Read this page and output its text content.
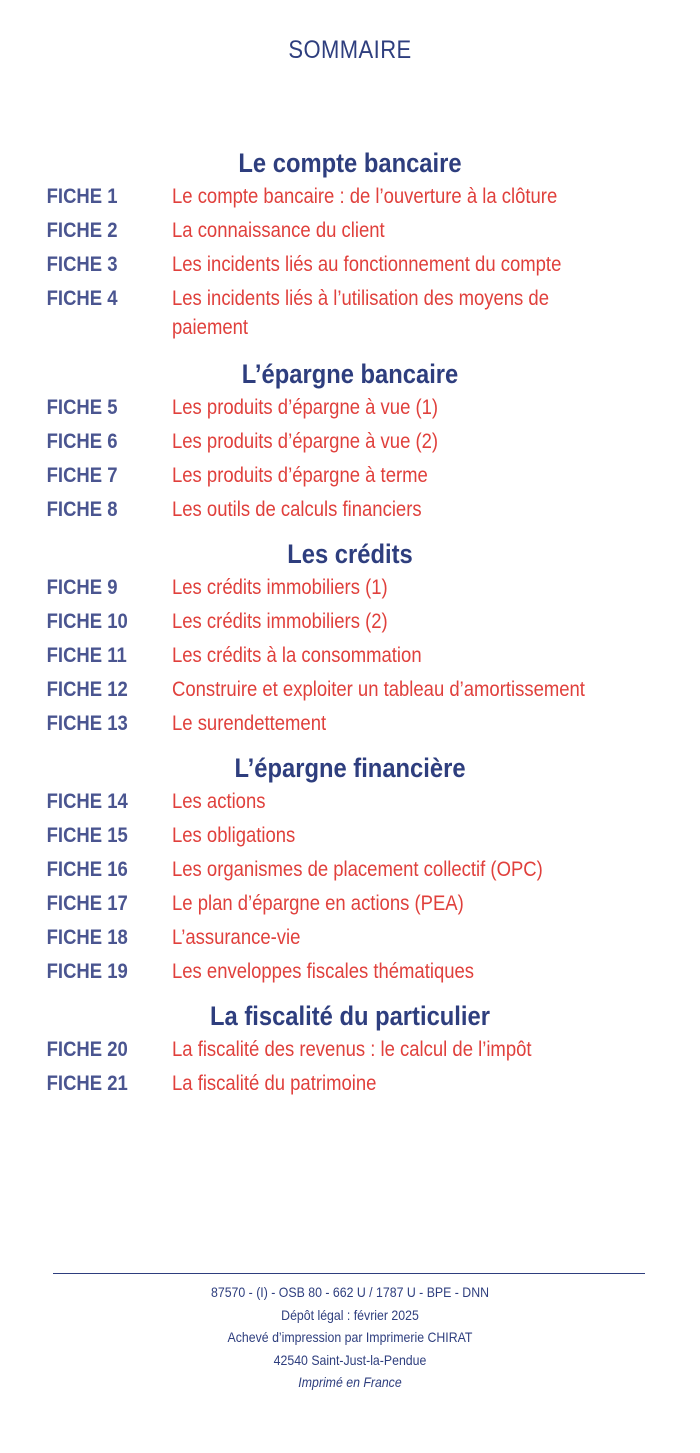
SOMMAIRE
Le compte bancaire
FICHE 1	Le compte bancaire : de l’ouverture à la clôture
FICHE 2	La connaissance du client
FICHE 3	Les incidents liés au fonctionnement du compte
FICHE 4	Les incidents liés à l’utilisation des moyens de paiement
L’épargne bancaire
FICHE 5	Les produits d’épargne à vue (1)
FICHE 6	Les produits d’épargne à vue (2)
FICHE 7	Les produits d’épargne à terme
FICHE 8	Les outils de calculs financiers
Les crédits
FICHE 9	Les crédits immobiliers (1)
FICHE 10	Les crédits immobiliers (2)
FICHE 11	Les crédits à la consommation
FICHE 12	Construire et exploiter un tableau d’amortissement
FICHE 13	Le surendettement
L’épargne financière
FICHE 14	Les actions
FICHE 15	Les obligations
FICHE 16	Les organismes de placement collectif (OPC)
FICHE 17	Le plan d’épargne en actions (PEA)
FICHE 18	L’assurance-vie
FICHE 19	Les enveloppes fiscales thématiques
La fiscalité du particulier
FICHE 20	La fiscalité des revenus : le calcul de l’impôt
FICHE 21	La fiscalité du patrimoine
87570 - (I) - OSB 80 - 662 U / 1787 U - BPE - DNN
Dépôt légal : février 2025
Achevé d’impression par Imprimerie CHIRAT
42540 Saint-Just-la-Pendue
Imprimé en France
